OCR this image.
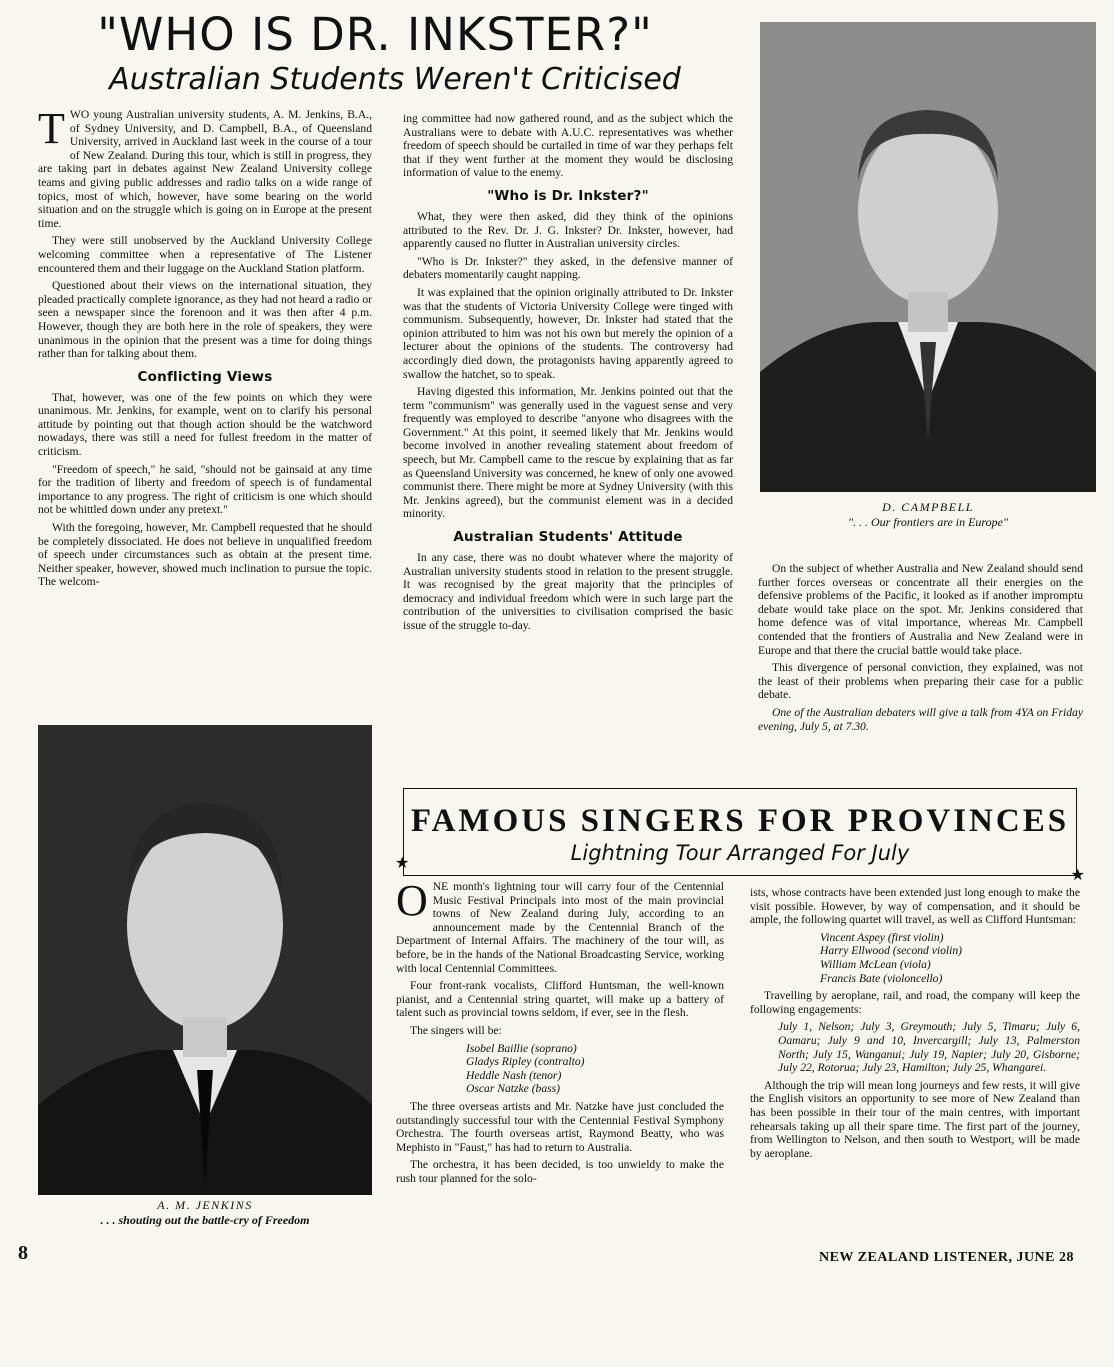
"WHO IS DR. INKSTER?"
Australian Students Weren't Criticised

TWO young Australian university students, A. M. Jenkins, B.A., of Sydney University, and D. Campbell, B.A., of Queensland University, arrived in Auckland last week in the course of a tour of New Zealand. During this tour, which is still in progress, they are taking part in debates against New Zealand University college teams and giving public addresses and radio talks on a wide range of topics, most of which, however, have some bearing on the world situation and on the struggle which is going on in Europe at the present time.

They were still unobserved by the Auckland University College welcoming committee when a representative of The Listener encountered them and their luggage on the Auckland Station platform.

Questioned about their views on the international situation, they pleaded practically complete ignorance, as they had not heard a radio or seen a newspaper since the forenoon and it was then after 4 p.m. However, though they are both here in the role of speakers, they were unanimous in the opinion that the present was a time for doing things rather than for talking about them.

Conflicting Views

That, however, was one of the few points on which they were unanimous. Mr. Jenkins, for example, went on to clarify his personal attitude by pointing out that though action should be the watchword nowadays, there was still a need for fullest freedom in the matter of criticism.

"Freedom of speech," he said, "should not be gainsaid at any time for the tradition of liberty and freedom of speech is of fundamental importance to any progress. The right of criticism is one which should not be whittled down under any pretext."

With the foregoing, however, Mr. Campbell requested that he should be completely dissociated. He does not believe in unqualified freedom of speech under circumstances such as obtain at the present time. Neither speaker, however, showed much inclination to pursue the topic. The welcom-

ing committee had now gathered round, and as the subject which the Australians were to debate with A.U.C. representatives was whether freedom of speech should be curtailed in time of war they perhaps felt that if they went further at the moment they would be disclosing information of value to the enemy.

"Who is Dr. Inkster?"

What, they were then asked, did they think of the opinions attributed to the Rev. Dr. J. G. Inkster? Dr. Inkster, however, had apparently caused no flutter in Australian university circles.

"Who is Dr. Inkster?" they asked, in the defensive manner of debaters momentarily caught napping.

It was explained that the opinion originally attributed to Dr. Inkster was that the students of Victoria University College were tinged with communism. Subsequently, however, Dr. Inkster had stated that the opinion attributed to him was not his own but merely the opinion of a lecturer about the opinions of the students. The controversy had accordingly died down, the protagonists having apparently agreed to swallow the hatchet, so to speak.

Having digested this information, Mr. Jenkins pointed out that the term "communism" was generally used in the vaguest sense and very frequently was employed to describe "anyone who disagrees with the Government." At this point, it seemed likely that Mr. Jenkins would become involved in another revealing statement about freedom of speech, but Mr. Campbell came to the rescue by explaining that as far as Queensland University was concerned, he knew of only one avowed communist there. There might be more at Sydney University (with this Mr. Jenkins agreed), but the communist element was in a decided minority.

Australian Students' Attitude

In any case, there was no doubt whatever where the majority of Australian university students stood in relation to the present struggle. It was recognised by the great majority that the principles of democracy and individual freedom which were in such large part the contribution of the universities to civilisation comprised the basic issue of the struggle to-day.

D. CAMPBELL
". . . Our frontiers are in Europe"

On the subject of whether Australia and New Zealand should send further forces overseas or concentrate all their energies on the defensive problems of the Pacific, it looked as if another impromptu debate would take place on the spot. Mr. Jenkins considered that home defence was of vital importance, whereas Mr. Campbell contended that the frontiers of Australia and New Zealand were in Europe and that there the crucial battle would take place.

This divergence of personal conviction, they explained, was not the least of their problems when preparing their case for a public debate.

One of the Australian debaters will give a talk from 4YA on Friday evening, July 5, at 7.30.

A. M. JENKINS
. . . shouting out the battle-cry of Freedom
FAMOUS SINGERS FOR PROVINCES
Lightning Tour Arranged For July
★
★

ONE month's lightning tour will carry four of the Centennial Music Festival Principals into most of the main provincial towns of New Zealand during July, according to an announcement made by the Centennial Branch of the Department of Internal Affairs. The machinery of the tour will, as before, be in the hands of the National Broadcasting Service, working with local Centennial Committees.

Four front-rank vocalists, Clifford Huntsman, the well-known pianist, and a Centennial string quartet, will make up a battery of talent such as provincial towns seldom, if ever, see in the flesh.

The singers will be:

Isobel Baillie (soprano)
Gladys Ripley (contralto)
Heddle Nash (tenor)
Oscar Natzke (bass)

The three overseas artists and Mr. Natzke have just concluded the outstandingly successful tour with the Centennial Festival Symphony Orchestra. The fourth overseas artist, Raymond Beatty, who was Mephisto in "Faust," has had to return to Australia.

The orchestra, it has been decided, is too unwieldy to make the rush tour planned for the solo-

ists, whose contracts have been extended just long enough to make the visit possible. However, by way of compensation, and it should be ample, the following quartet will travel, as well as Clifford Huntsman:

Vincent Aspey (first violin)
Harry Ellwood (second violin)
William McLean (viola)
Francis Bate (violoncello)

Travelling by aeroplane, rail, and road, the company will keep the following engagements:

July 1, Nelson; July 3, Greymouth; July 5, Timaru; July 6, Oamaru; July 9 and 10, Invercargill; July 13, Palmerston North; July 15, Wanganui; July 19, Napier; July 20, Gisborne; July 22, Rotorua; July 23, Hamilton; July 25, Whangarei.

Although the trip will mean long journeys and few rests, it will give the English visitors an opportunity to see more of New Zealand than has been possible in their tour of the main centres, with important rehearsals taking up all their spare time. The first part of the journey, from Wellington to Nelson, and then south to Westport, will be made by aeroplane.

8	NEW ZEALAND LISTENER, JUNE 28
